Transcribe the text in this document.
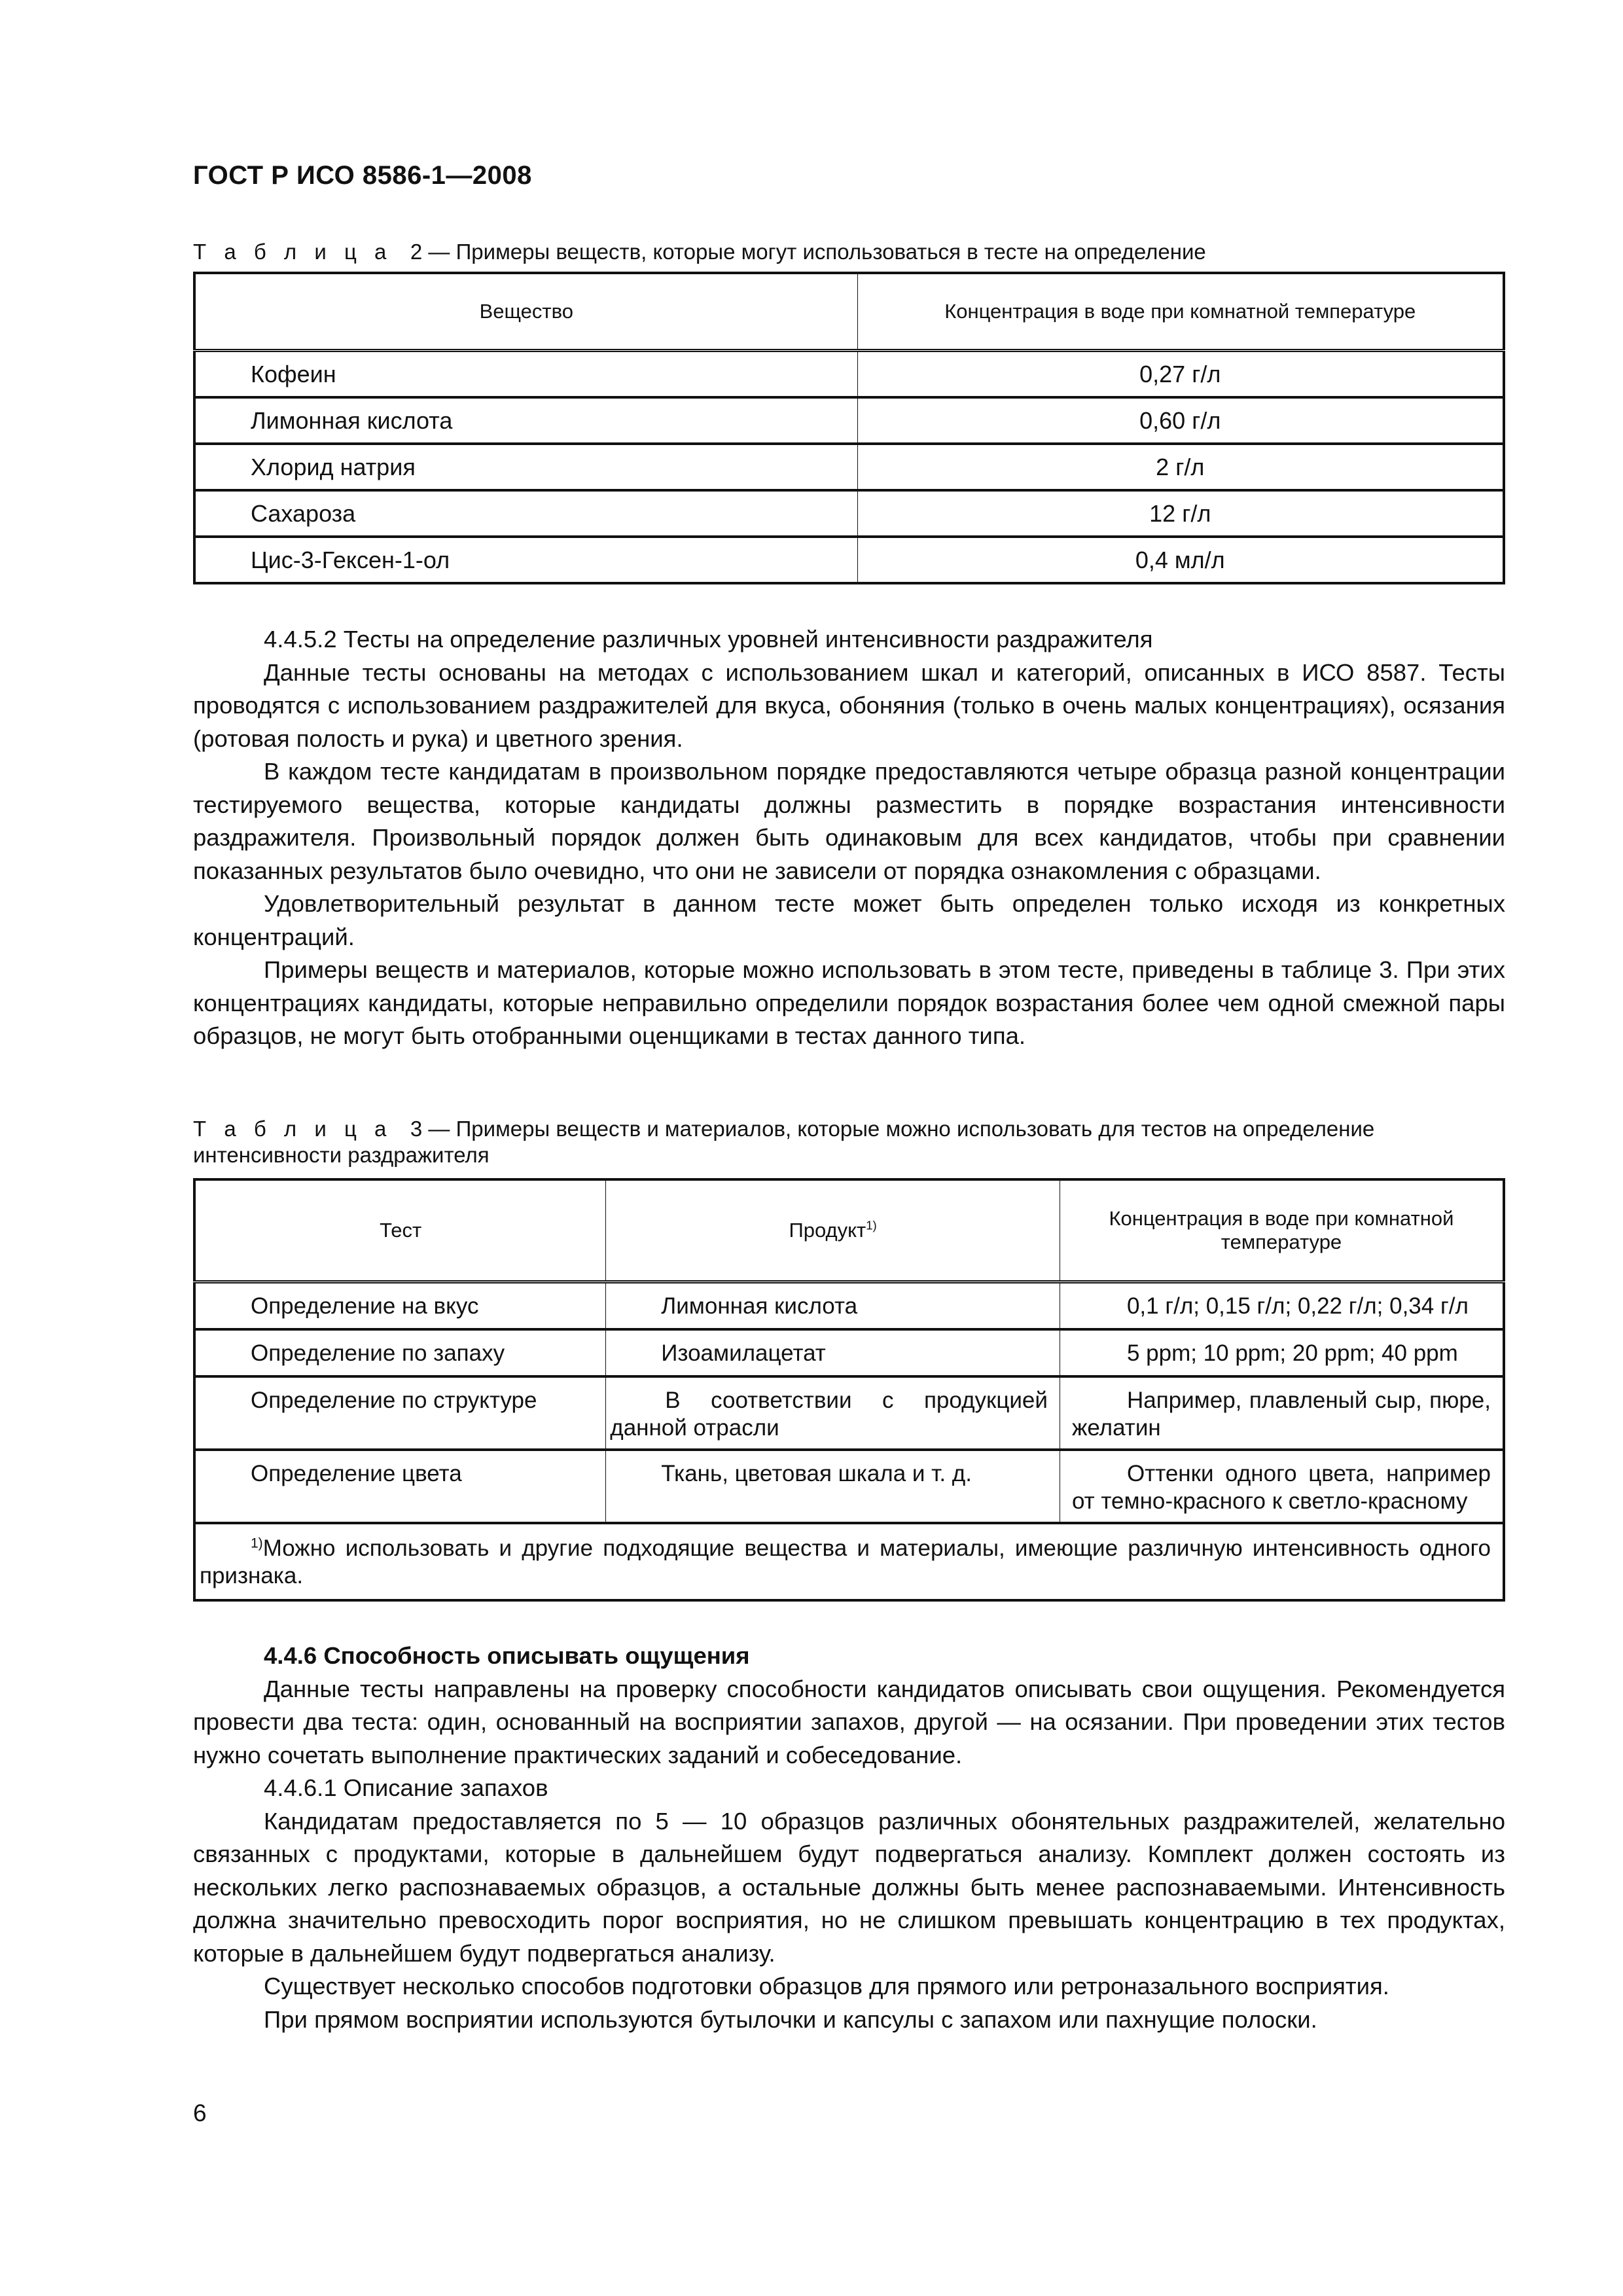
ГОСТ Р ИСО 8586-1—2008
Т а б л и ц а 2 — Примеры веществ, которые могут использоваться в тесте на определение
Вещество	Концентрация в воде при комнатной температуре
Кофеин	0,27 г/л
Лимонная кислота	0,60 г/л
Хлорид натрия	2 г/л
Сахароза	12 г/л
Цис-3-Гексен-1-ол	0,4 мл/л

4.4.5.2 Тесты на определение различных уровней интенсивности раздражителя

Данные тесты основаны на методах с использованием шкал и категорий, описанных в ИСО 8587. Тесты проводятся с использованием раздражителей для вкуса, обоняния (только в очень малых концентрациях), осязания (ротовая полость и рука) и цветного зрения.

В каждом тесте кандидатам в произвольном порядке предоставляются четыре образца разной концентрации тестируемого вещества, которые кандидаты должны разместить в порядке возрастания интенсивности раздражителя. Произвольный порядок должен быть одинаковым для всех кандидатов, чтобы при сравнении показанных результатов было очевидно, что они не зависели от порядка ознакомления с образцами.

Удовлетворительный результат в данном тесте может быть определен только исходя из конкретных концентраций.

Примеры веществ и материалов, которые можно использовать в этом тесте, приведены в таблице 3. При этих концентрациях кандидаты, которые неправильно определили порядок возрастания более чем одной смежной пары образцов, не могут быть отобранными оценщиками в тестах данного типа.

Т а б л и ц а 3 — Примеры веществ и материалов, которые можно использовать для тестов на определение интенсивности раздражителя
Тест	Продукт$^{1)}$	Концентрация в воде при комнатной температуре
Определение на вкус	Лимонная кислота	0,1 г/л; 0,15 г/л; 0,22 г/л; 0,34 г/л
Определение по запаху	Изоамилацетат	5 ppm; 10 ppm; 20 ppm; 40 ppm
Определение по структуре	В соответствии с продукцией данной отрасли	Например, плавленый сыр, пюре, желатин
Определение цвета	Ткань, цветовая шкала и т. д.	Оттенки одного цвета, например от темно-красного к светло-красному
$^{1)}$Можно использовать и другие подходящие вещества и материалы, имеющие различную интенсивность одного признака.		

4.4.6 Способность описывать ощущения

Данные тесты направлены на проверку способности кандидатов описывать свои ощущения. Рекомендуется провести два теста: один, основанный на восприятии запахов, другой — на осязании. При проведении этих тестов нужно сочетать выполнение практических заданий и собеседование.

4.4.6.1 Описание запахов

Кандидатам предоставляется по 5 — 10 образцов различных обонятельных раздражителей, желательно связанных с продуктами, которые в дальнейшем будут подвергаться анализу. Комплект должен состоять из нескольких легко распознаваемых образцов, а остальные должны быть менее распознаваемыми. Интенсивность должна значительно превосходить порог восприятия, но не слишком превышать концентрацию в тех продуктах, которые в дальнейшем будут подвергаться анализу.

Существует несколько способов подготовки образцов для прямого или ретроназального восприятия.

При прямом восприятии используются бутылочки и капсулы с запахом или пахнущие полоски.

6
